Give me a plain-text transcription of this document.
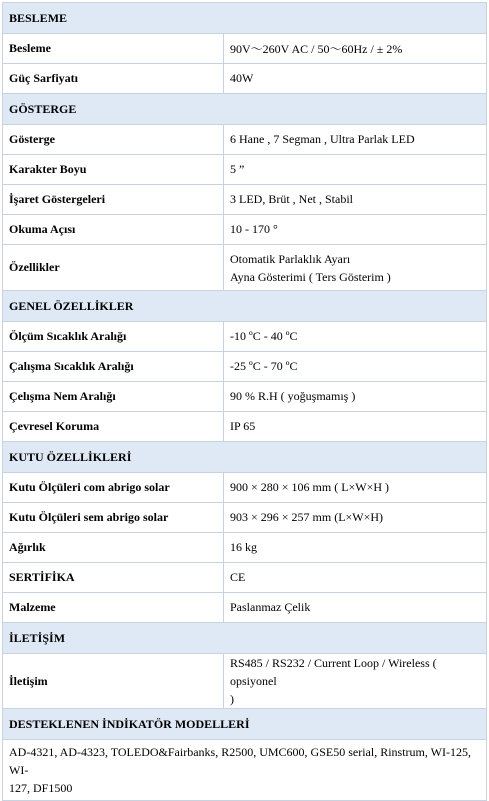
BESLEME	
Besleme	90V～260V AC / 50～60Hz / ± 2%
Güç Sarfiyatı	40W
GÖSTERGE	
Gösterge	6 Hane , 7 Segman , Ultra Parlak LED
Karakter Boyu	5 ”
İşaret Göstergeleri	3 LED, Brüt , Net , Stabil
Okuma Açısı	10 - 170 °
Özellikler	Otomatik Parlaklık Ayarı
Ayna Gösterimi ( Ters Gösterim )

GENEL ÖZELLİKLER	
Ölçüm Sıcaklık Aralığı	-10 ºC - 40 ºC
Çalışma Sıcaklık Aralığı	-25 ºC - 70 ºC
Çelışma Nem Aralığı	90 % R.H ( yoğuşmamış )
Çevresel Koruma	IP 65
KUTU ÖZELLİKLERİ	
Kutu Ölçüleri com abrigo solar	900 × 280 × 106 mm ( L×W×H )
Kutu Ölçüleri sem abrigo solar	903 × 296 × 257 mm (L×W×H)
Ağırlık	16 kg
SERTİFİKA	CE
Malzeme	Paslanmaz Çelik
İLETİŞİM	
İletişim	RS485 / RS232 / Current Loop / Wireless ( opsiyonel
)

DESTEKLENEN İNDİKATÖR MODELLERİ	

AD-4321, AD-4323, TOLEDO&Fairbanks, R2500, UMC600, GSE50 serial, Rinstrum, WI-125, WI-
127, DF1500	
